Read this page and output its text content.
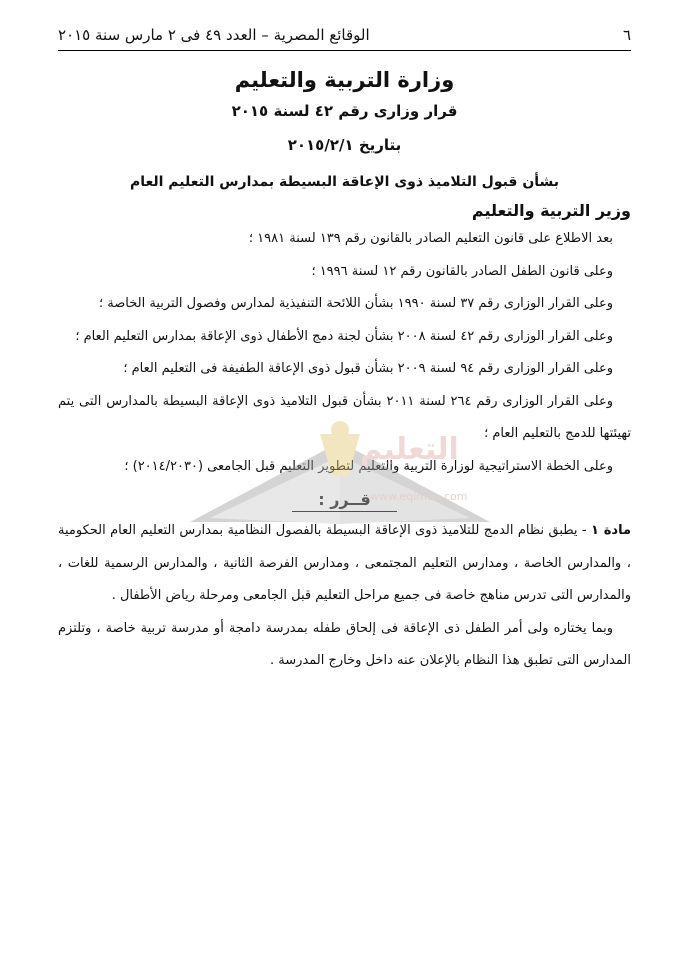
٦
الوقائع المصرية – العدد ٤٩ فى ٢ مارس سنة ٢٠١٥
وزارة التربية والتعليم
قرار وزارى رقم ٤٢ لسنة ٢٠١٥
بتاريخ ٢٠١٥/٢/١
بشأن قبول التلاميذ ذوى الإعاقة البسيطة بمدارس التعليم العام
وزير التربية والتعليم

بعد الاطلاع على قانون التعليم الصادر بالقانون رقم ١٣٩ لسنة ١٩٨١ ؛

وعلى قانون الطفل الصادر بالقانون رقم ١٢ لسنة ١٩٩٦ ؛

وعلى القرار الوزارى رقم ٣٧ لسنة ١٩٩٠ بشأن اللائحة التنفيذية لمدارس وفصول التربية الخاصة ؛

وعلى القرار الوزارى رقم ٤٢ لسنة ٢٠٠٨ بشأن لجنة دمج الأطفال ذوى الإعاقة بمدارس التعليم العام ؛

وعلى القرار الوزارى رقم ٩٤ لسنة ٢٠٠٩ بشأن قبول ذوى الإعاقة الطفيفة فى التعليم العام ؛

وعلى القرار الوزارى رقم ٢٦٤ لسنة ٢٠١١ بشأن قبول التلاميذ ذوى الإعاقة البسيطة بالمدارس التى يتم تهيئتها للدمج بالتعليم العام ؛

وعلى الخطة الاستراتيجية لوزارة التربية والتعليم لتطوير التعليم قبل الجامعى (٢٠١٤/٢٠٣٠) ؛

قــرر :

مادة ١ - يطبق نظام الدمج للتلاميذ ذوى الإعاقة البسيطة بالفصول النظامية بمدارس التعليم العام الحكومية ، والمدارس الخاصة ، ومدارس التعليم المجتمعى ، ومدارس الفرصة الثانية ، والمدارس الرسمية للغات ، والمدارس التى تدرس مناهج خاصة فى جميع مراحل التعليم قبل الجامعى ومرحلة رياض الأطفال .

وبما يختاره ولى أمر الطفل ذى الإعاقة فى إلحاق طفله بمدرسة دامجة أو مدرسة تربية خاصة ، وتلتزم المدارس التى تطبق هذا النظام بالإعلان عنه داخل وخارج المدرسة .

التعليم
www.eqlmea.com
